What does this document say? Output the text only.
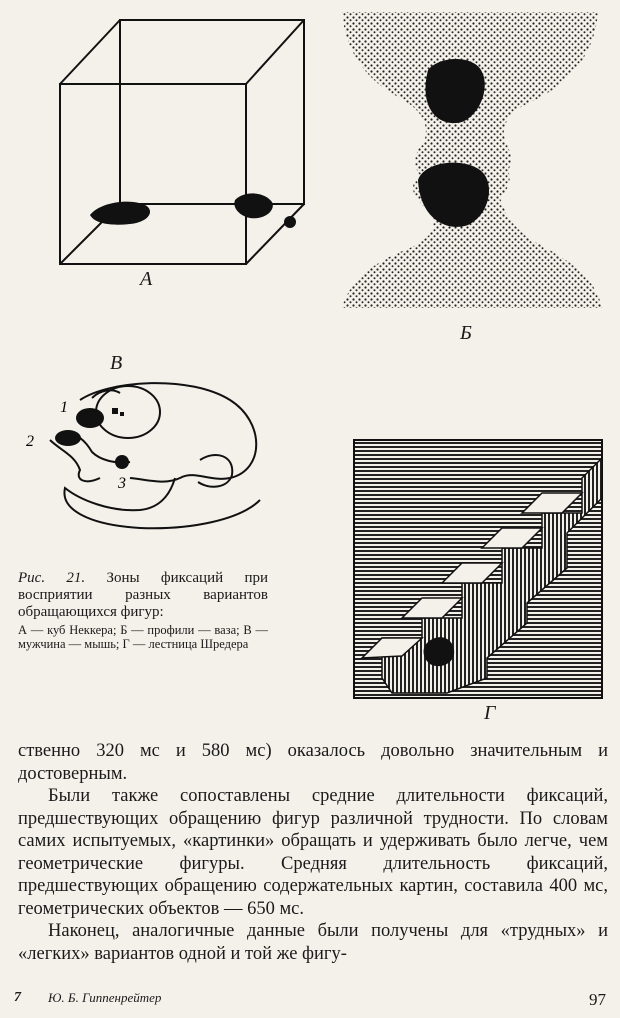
А
Б
1
2
3
В
Г
Рис. 21. Зоны фиксаций при восприятии разных вариантов обращающихся фигур:
А — куб Неккера; Б — профили — ваза; В — мужчина — мышь; Г — лестница Шредера

ственно 320 мс и 580 мс) оказалось довольно значительным и достоверным.

Были также сопоставлены средние длительности фиксаций, предшествующих обращению фигур различной трудности. По словам самих испытуемых, «картинки» обращать и удерживать было легче, чем геометрические фигуры. Средняя длительность фиксаций, предшествующих обращению содержательных картин, составила 400 мс, геометрических объектов — 650 мс.

Наконец, аналогичные данные были получены для «трудных» и «легких» вариантов одной и той же фигу-

7 Ю. Б. Гиппенрейтер	97
